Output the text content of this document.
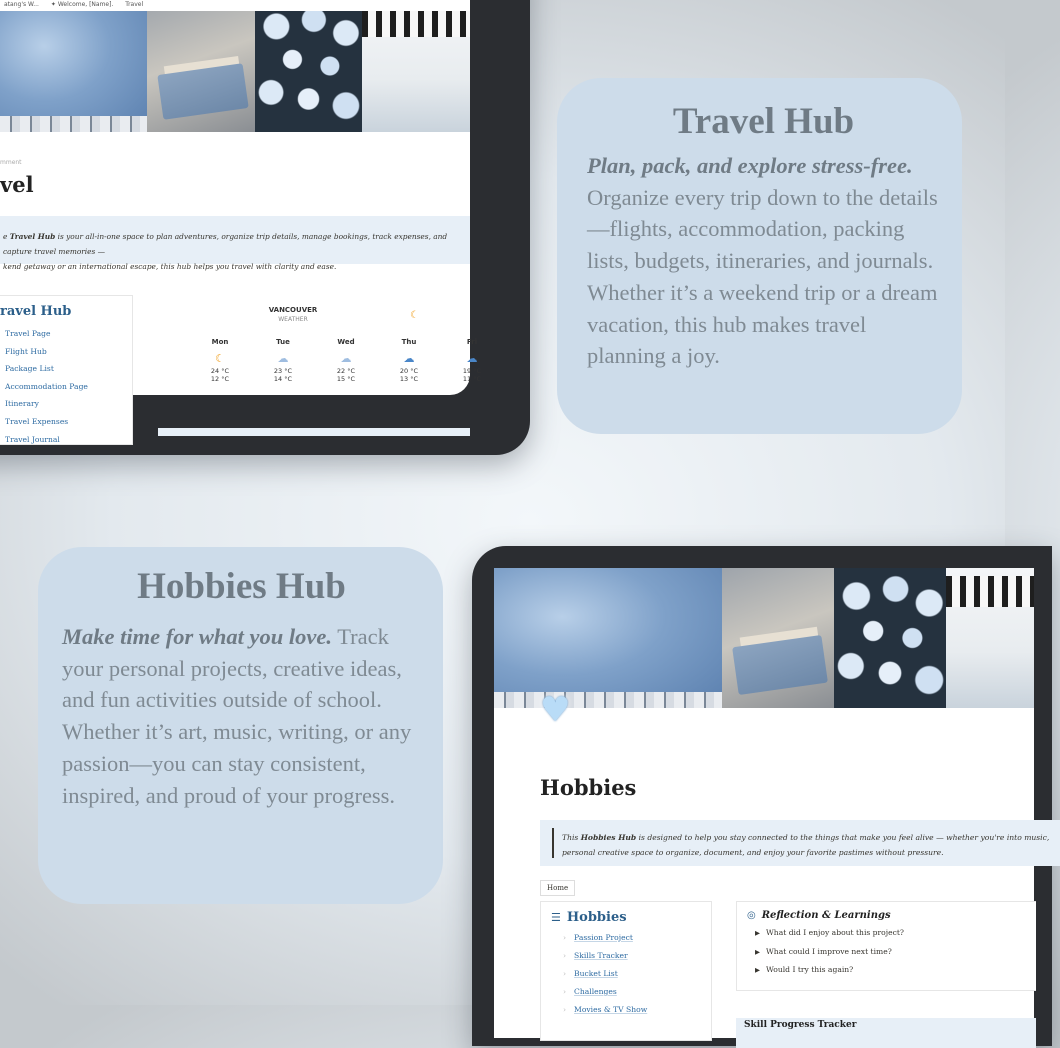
atang's W... ✦ Welcome, [Name]. Travel
mment
vel
e Travel Hub is your all-in-one space to plan adventures, organize trip details, manage bookings, track expenses, and capture travel memories —
kend getaway or an international escape, this hub helps you travel with clarity and ease.
ravel Hub
Travel Page
Flight Hub
Package List
Accommodation Page
Itinerary
Travel Expenses
Travel Journal
VANCOUVER
WEATHER	☾
Mon
☾
24 °C
12 °C
Tue
☁
23 °C
14 °C
Wed
☁
22 °C
15 °C
Thu
☁
20 °C
13 °C
Fri
☁
19 °C
11 °C
Travel Hub

Plan, pack, and explore stress-free. Organize every trip down to the details—flights, accommodation, packing lists, budgets, itineraries, and journals. Whether it’s a weekend trip or a dream vacation, this hub makes travel planning a joy.

Hobbies Hub

Make time for what you love. Track your personal projects, creative ideas, and fun activities outside of school. Whether it’s art, music, writing, or any passion—you can stay consistent, inspired, and proud of your progress.

♥
Hobbies
This Hobbies Hub is designed to help you stay connected to the things that make you feel alive — whether you're into music,
personal creative space to organize, document, and enjoy your favorite pastimes without pressure.
Home
☰ Hobbies
› Passion Project
› Skills Tracker
› Bucket List
› Challenges
› Movies & TV Show
◎ Reflection & Learnings
▶ What did I enjoy about this project?
▶ What could I improve next time?
▶ Would I try this again?
Skill Progress Tracker
